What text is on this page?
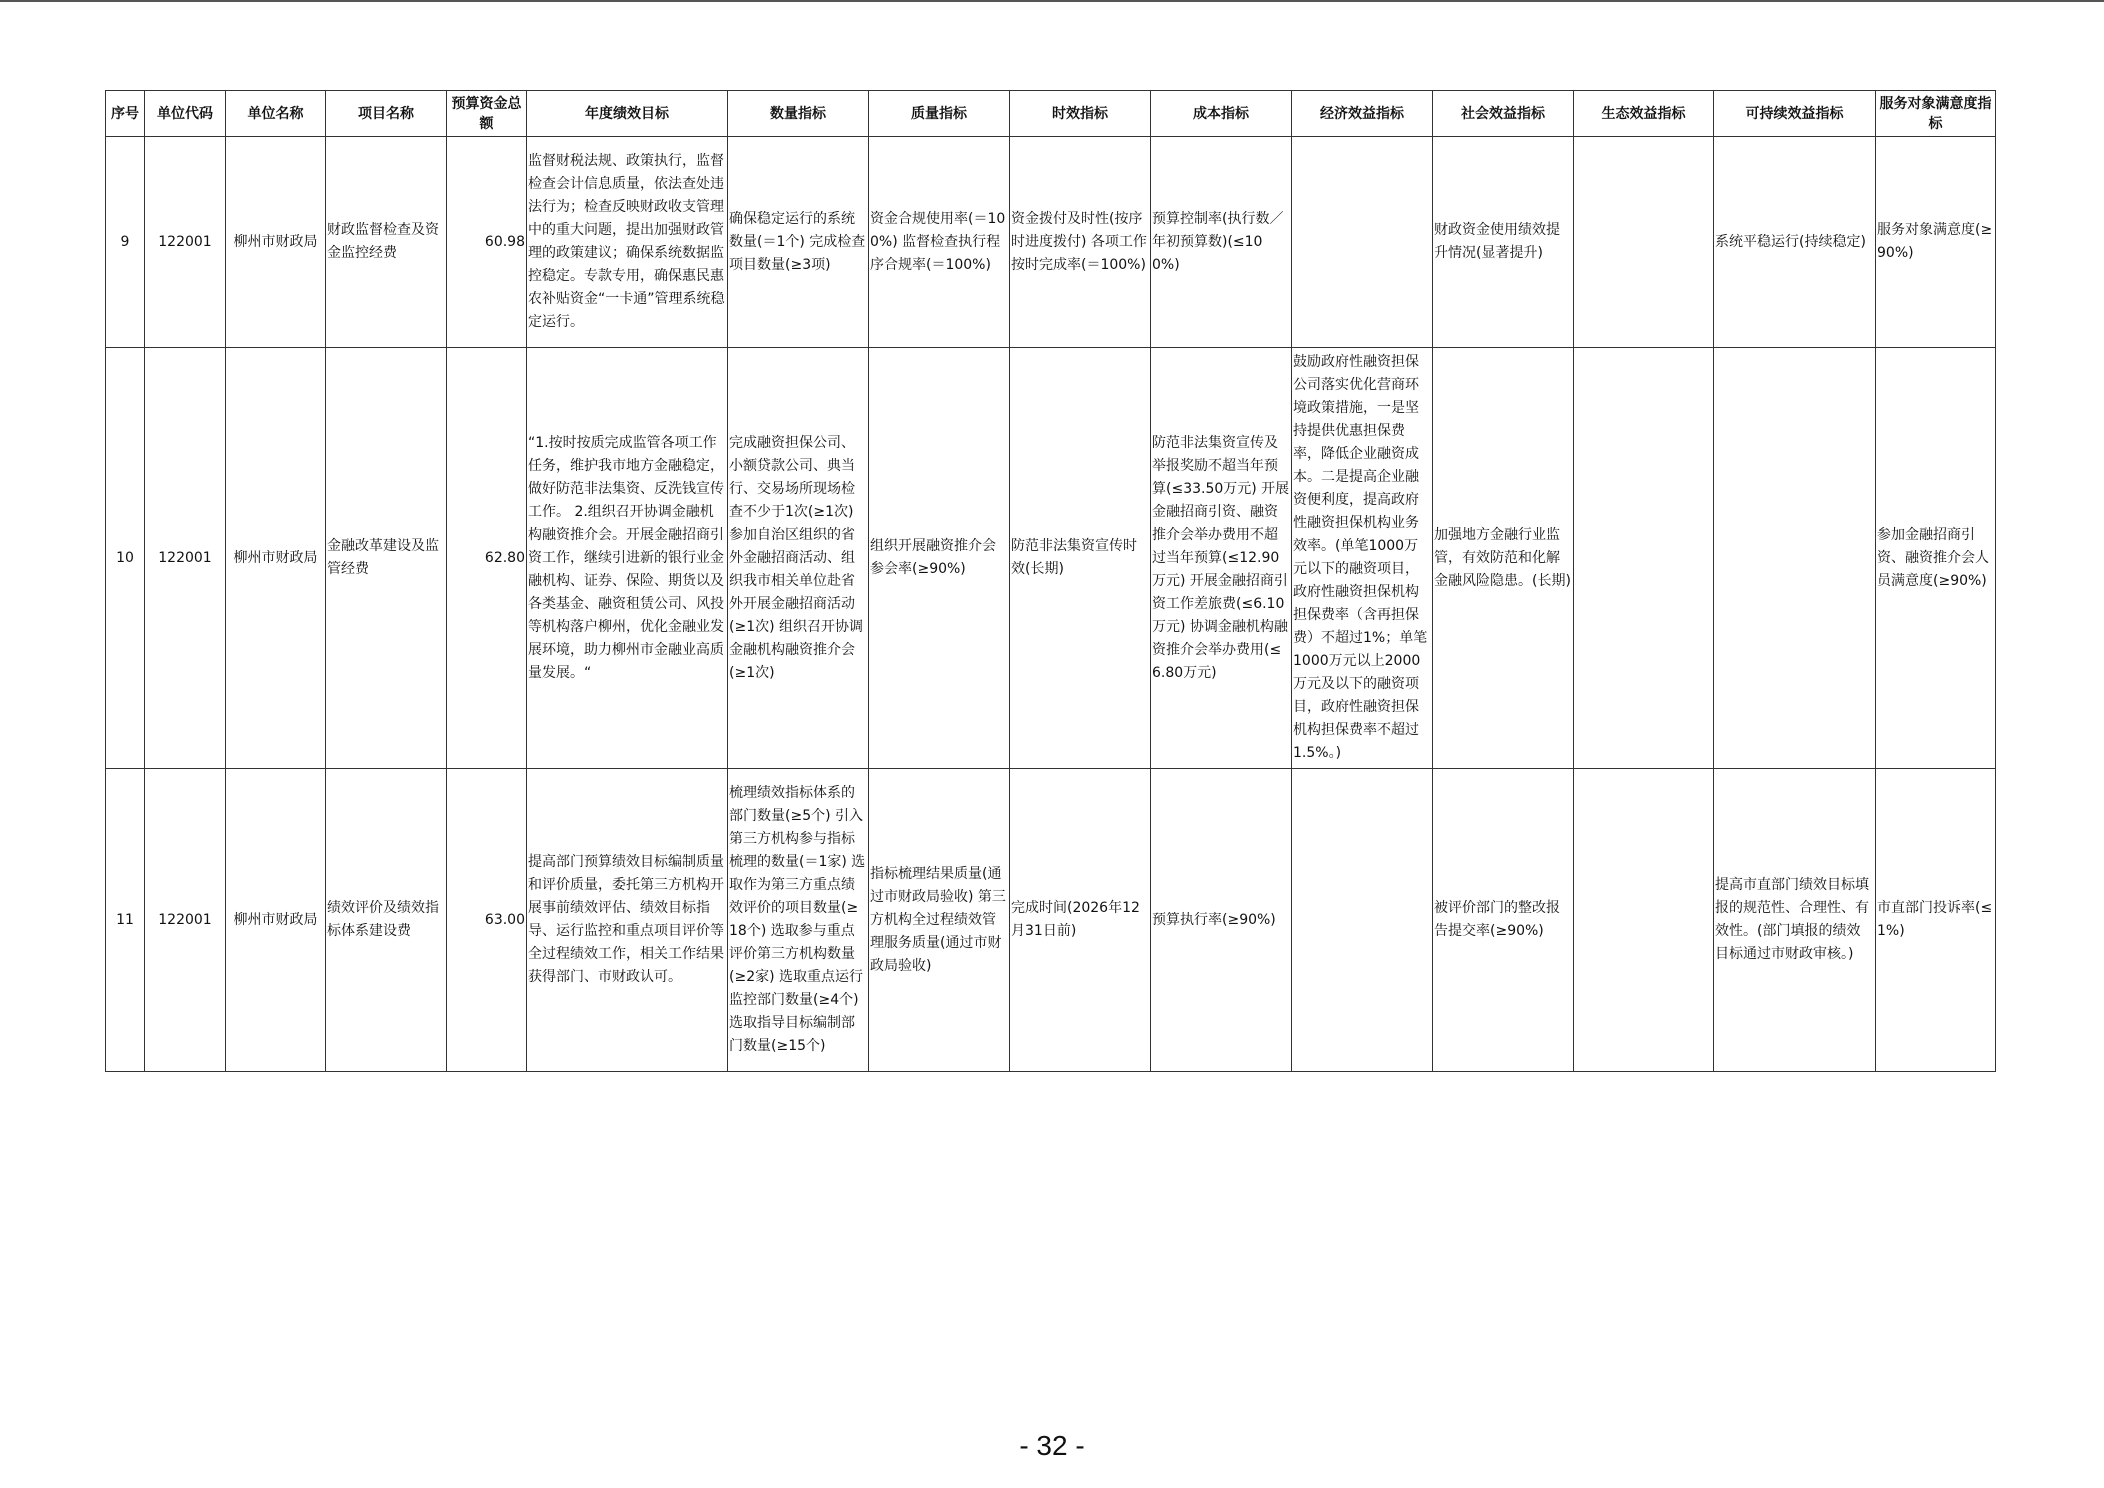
序号	单位代码	单位名称	项目名称	预算资金总额	年度绩效目标	数量指标	质量指标	时效指标	成本指标	经济效益指标	社会效益指标	生态效益指标	可持续效益指标	服务对象满意度指标
9	122001	柳州市财政局	财政监督检查及资金监控经费	60.98	监督财税法规、政策执行，监督检查会计信息质量，依法查处违法行为；检查反映财政收支管理中的重大问题，提出加强财政管理的政策建议；确保系统数据监控稳定。专款专用，确保惠民惠农补贴资金“一卡通”管理系统稳定运行。	确保稳定运行的系统数量(＝1个) 完成检查项目数量(≥3项)	资金合规使用率(＝100%) 监督检查执行程序合规率(＝100%)	资金拨付及时性(按序时进度拨付) 各项工作按时完成率(＝100%)	预算控制率(执行数／年初预算数)(≤100%)		财政资金使用绩效提升情况(显著提升)		系统平稳运行(持续稳定)	服务对象满意度(≥90%)
10	122001	柳州市财政局	金融改革建设及监管经费	62.80	“1.按时按质完成监管各项工作任务，维护我市地方金融稳定，做好防范非法集资、反洗钱宣传工作。 2.组织召开协调金融机构融资推介会。开展金融招商引资工作，继续引进新的银行业金融机构、证券、保险、期货以及各类基金、融资租赁公司、风投等机构落户柳州，优化金融业发展环境，助力柳州市金融业高质量发展。“	完成融资担保公司、小额贷款公司、典当行、交易场所现场检查不少于1次(≥1次) 参加自治区组织的省外金融招商活动、组织我市相关单位赴省外开展金融招商活动(≥1次) 组织召开协调金融机构融资推介会(≥1次)	组织开展融资推介会参会率(≥90%)	防范非法集资宣传时效(长期)	防范非法集资宣传及举报奖励不超当年预算(≤33.50万元) 开展金融招商引资、融资推介会举办费用不超过当年预算(≤12.90万元) 开展金融招商引资工作差旅费(≤6.10万元) 协调金融机构融资推介会举办费用(≤6.80万元)	鼓励政府性融资担保公司落实优化营商环境政策措施，一是坚持提供优惠担保费率，降低企业融资成本。二是提高企业融资便利度，提高政府性融资担保机构业务效率。(单笔1000万元以下的融资项目，政府性融资担保机构担保费率（含再担保费）不超过1%；单笔1000万元以上2000万元及以下的融资项目，政府性融资担保机构担保费率不超过1.5%。)	加强地方金融行业监管，有效防范和化解金融风险隐患。(长期)			参加金融招商引资、融资推介会人员满意度(≥90%)
11	122001	柳州市财政局	绩效评价及绩效指标体系建设费	63.00	提高部门预算绩效目标编制质量和评价质量，委托第三方机构开展事前绩效评估、绩效目标指导、运行监控和重点项目评价等全过程绩效工作，相关工作结果获得部门、市财政认可。	梳理绩效指标体系的部门数量(≥5个) 引入第三方机构参与指标梳理的数量(＝1家) 选取作为第三方重点绩效评价的项目数量(≥18个) 选取参与重点评价第三方机构数量(≥2家) 选取重点运行监控部门数量(≥4个) 选取指导目标编制部门数量(≥15个)	指标梳理结果质量(通过市财政局验收) 第三方机构全过程绩效管理服务质量(通过市财政局验收)	完成时间(2026年12月31日前)	预算执行率(≥90%)		被评价部门的整改报告提交率(≥90%)		提高市直部门绩效目标填报的规范性、合理性、有效性。(部门填报的绩效目标通过市财政审核。)	市直部门投诉率(≤1%)
- 32 -
